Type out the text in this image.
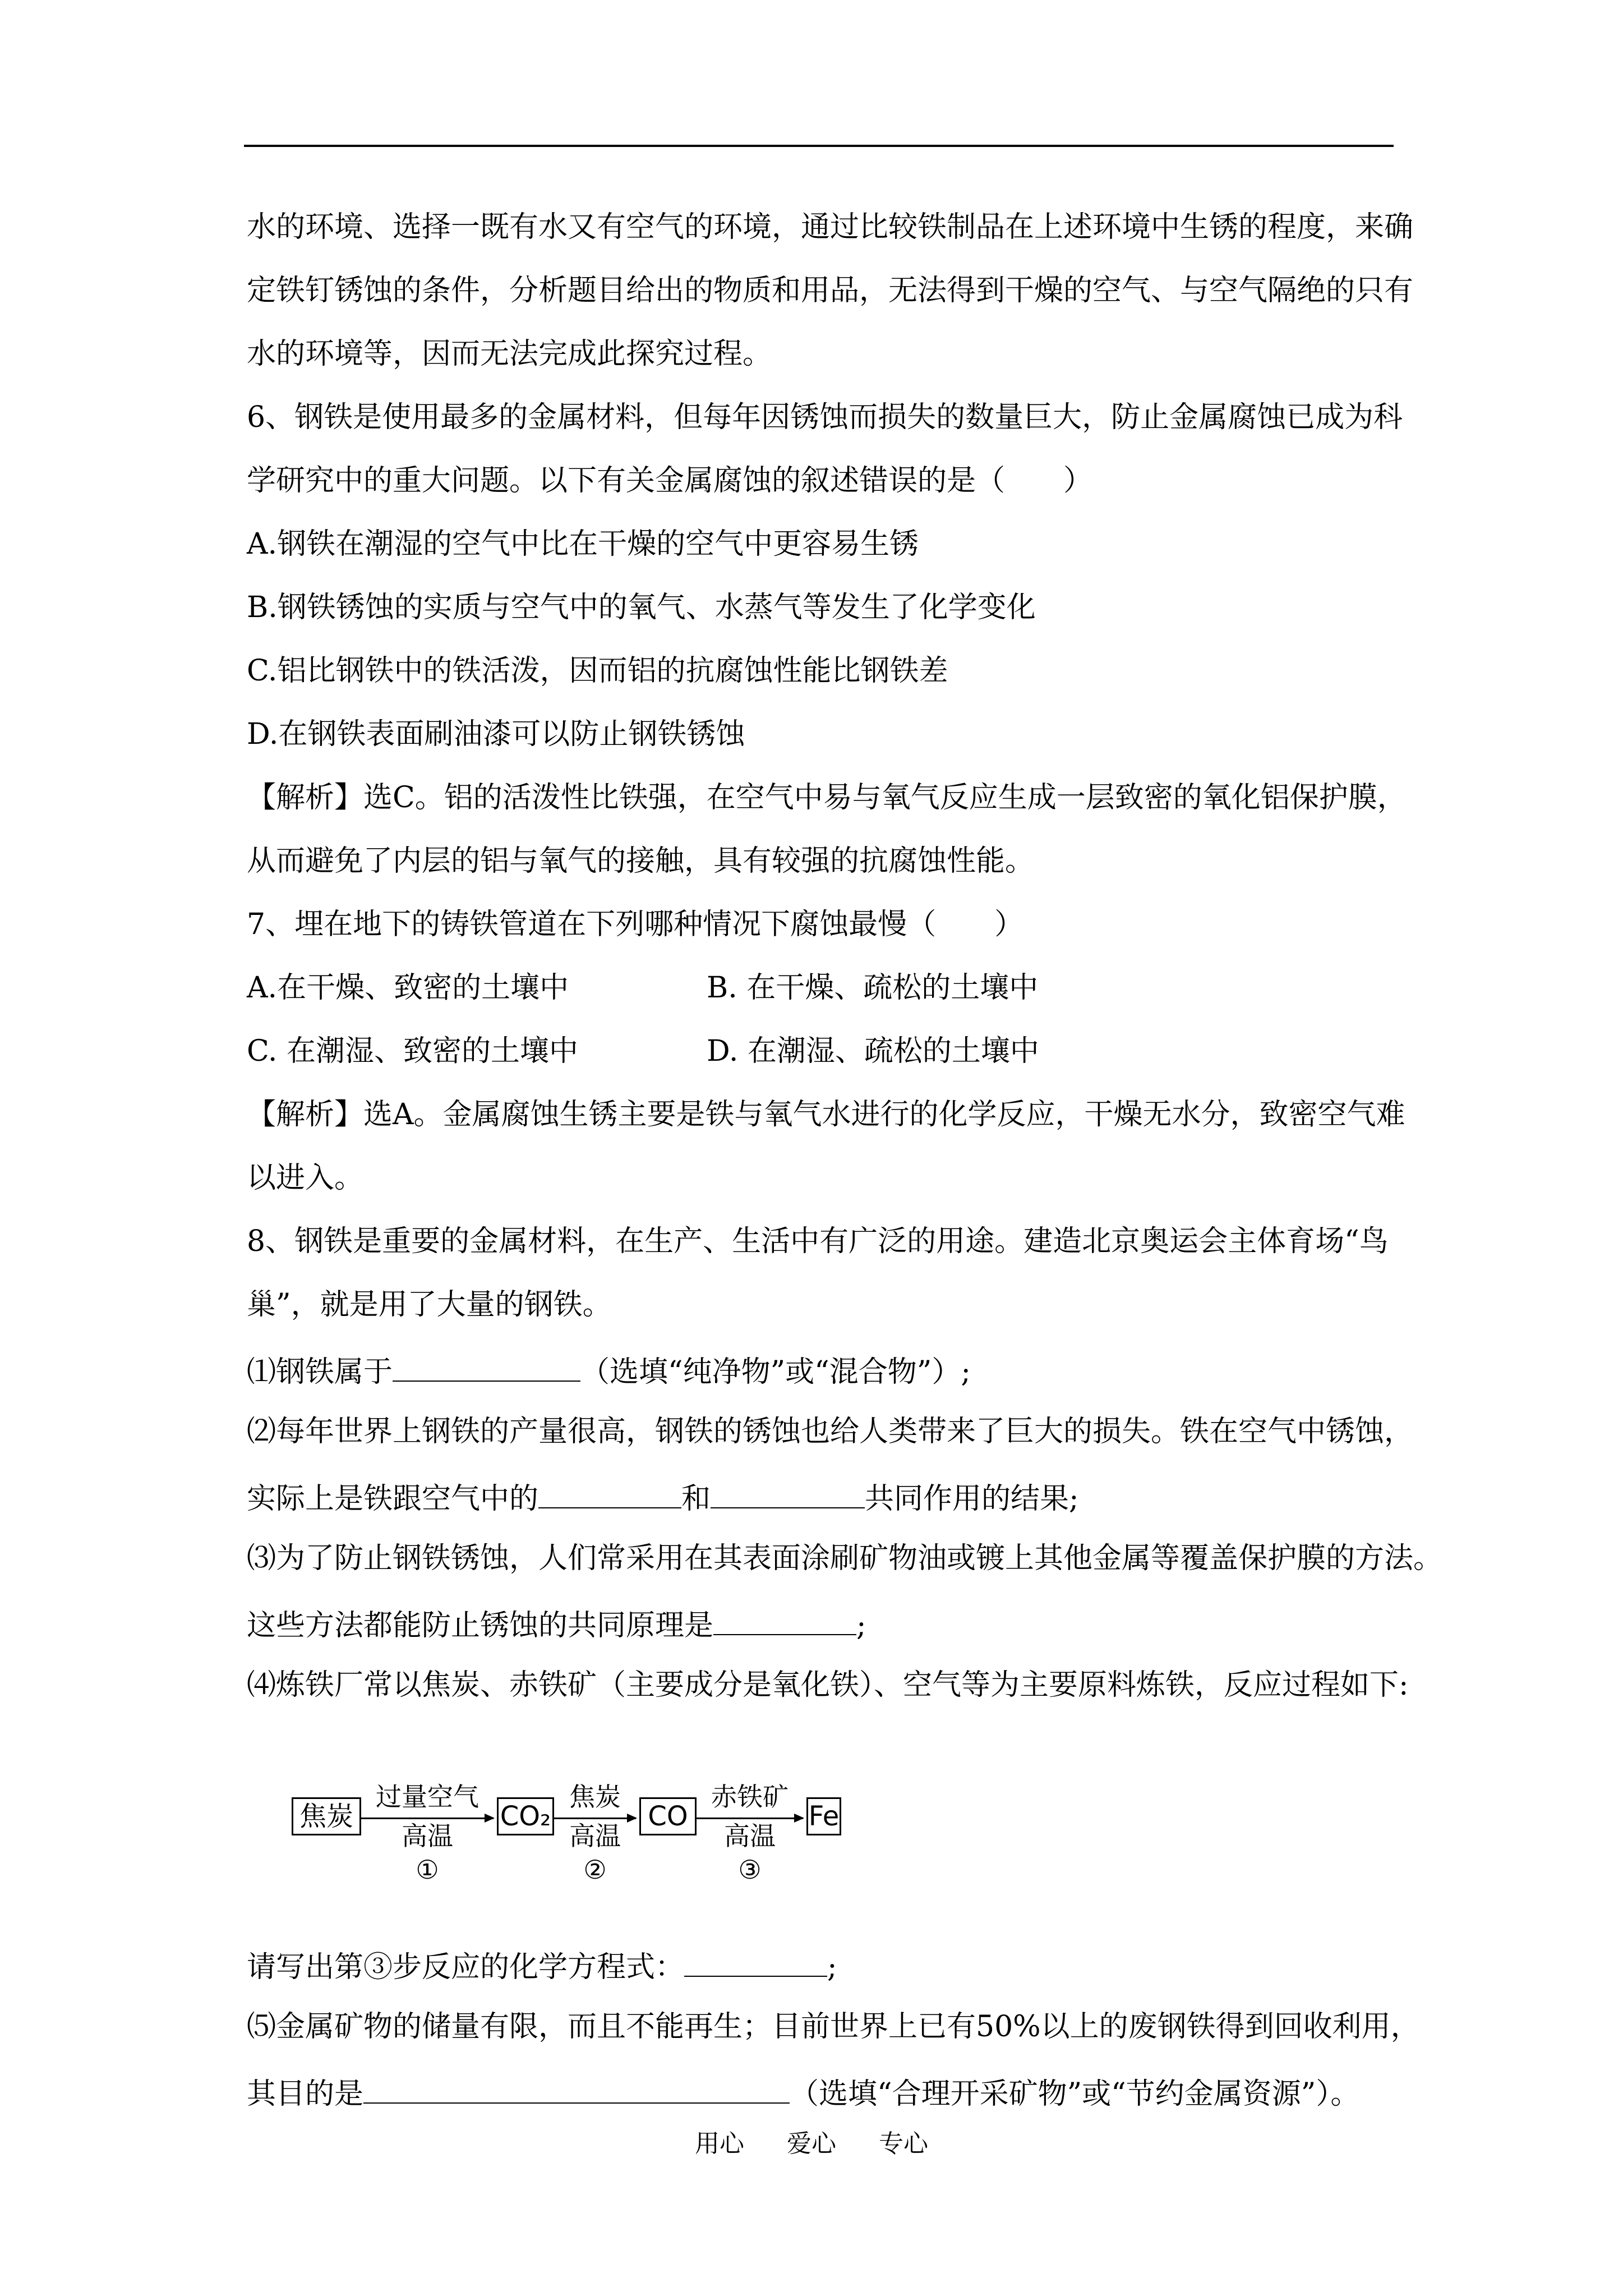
水的环境、选择一既有水又有空气的环境，通过比较铁制品在上述环境中生锈的程度，来确
定铁钉锈蚀的条件，分析题目给出的物质和用品，无法得到干燥的空气、与空气隔绝的只有
水的环境等，因而无法完成此探究过程。
6、钢铁是使用最多的金属材料，但每年因锈蚀而损失的数量巨大，防止金属腐蚀已成为科
学研究中的重大问题。以下有关金属腐蚀的叙述错误的是（　　）
A.钢铁在潮湿的空气中比在干燥的空气中更容易生锈
B.钢铁锈蚀的实质与空气中的氧气、水蒸气等发生了化学变化
C.铝比钢铁中的铁活泼，因而铝的抗腐蚀性能比钢铁差
D.在钢铁表面刷油漆可以防止钢铁锈蚀
【解析】选C。铝的活泼性比铁强，在空气中易与氧气反应生成一层致密的氧化铝保护膜，
从而避免了内层的铝与氧气的接触，具有较强的抗腐蚀性能。
7、埋在地下的铸铁管道在下列哪种情况下腐蚀最慢（　　）
A.在干燥、致密的土壤中	B. 在干燥、疏松的土壤中
C. 在潮湿、致密的土壤中	D. 在潮湿、疏松的土壤中
【解析】选A。金属腐蚀生锈主要是铁与氧气水进行的化学反应，干燥无水分，致密空气难
以进入。
8、钢铁是重要的金属材料，在生产、生活中有广泛的用途。建造北京奥运会主体育场“鸟
巢”，就是用了大量的钢铁。
⑴钢铁属于	（选填“纯净物”或“混合物”）;
⑵每年世界上钢铁的产量很高，钢铁的锈蚀也给人类带来了巨大的损失。铁在空气中锈蚀，
实际上是铁跟空气中的	和	共同作用的结果;
⑶为了防止钢铁锈蚀，人们常采用在其表面涂刷矿物油或镀上其他金属等覆盖保护膜的方法。
这些方法都能防止锈蚀的共同原理是	;
⑷炼铁厂常以焦炭、赤铁矿（主要成分是氧化铁）、空气等为主要原料炼铁，反应过程如下:
焦炭
过量空气
高温
①
CO₂
焦炭
高温
②
CO
赤铁矿
高温
③
Fe
请写出第③步反应的化学方程式：	;
⑸金属矿物的储量有限，而且不能再生；目前世界上已有50%以上的废钢铁得到回收利用，
其目的是	（选填“合理开采矿物”或“节约金属资源”）。
用心 爱心 专心
